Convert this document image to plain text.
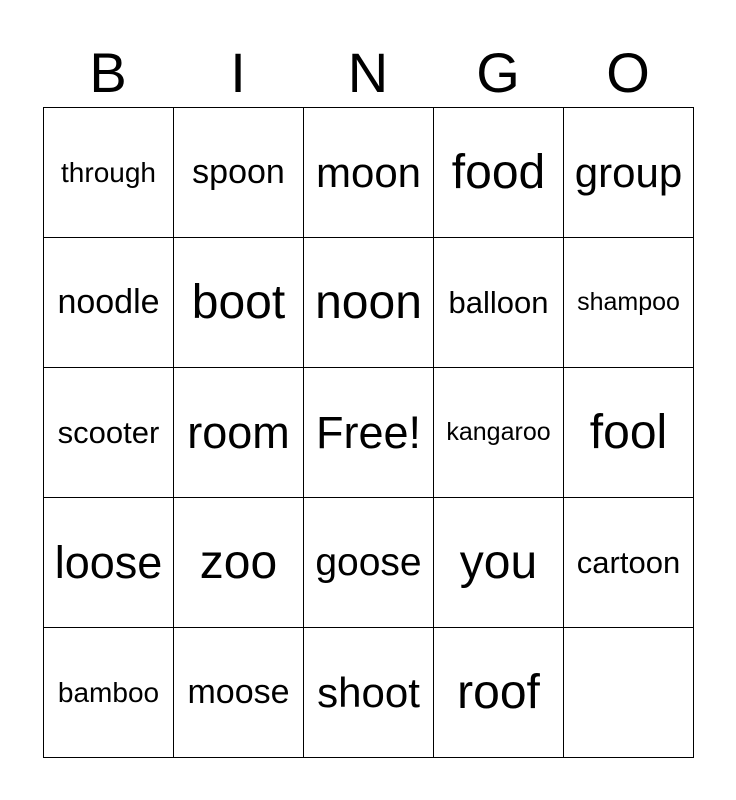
B	I	N	G	O
through spoon moon food group
noodle boot noon balloon shampoo
scooter room Free! kangaroo fool
loose zoo goose you cartoon
bamboo moose shoot roof
